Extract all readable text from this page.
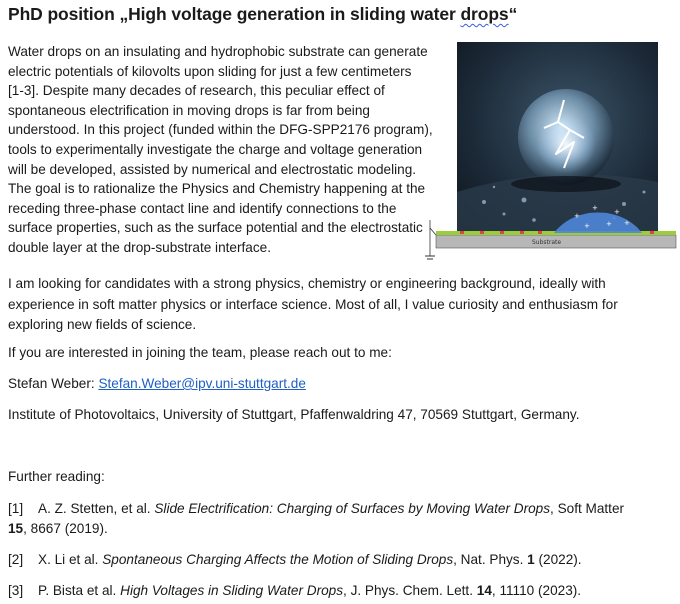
PhD position „High voltage generation in sliding water drops“
Water drops on an insulating and hydrophobic substrate can generate
electric potentials of kilovolts upon sliding for just a few centimeters
[1-3]. Despite many decades of research, this peculiar effect of
spontaneous electrification in moving drops is far from being
understood. In this project (funded within the DFG-SPP2176 program),
tools to experimentally investigate the charge and voltage generation
will be developed, assisted by numerical and electrostatic modeling.
The goal is to rationalize the Physics and Chemistry happening at the
receding three-phase contact line and identify connections to the
surface properties, such as the surface potential and the electrostatic
double layer at the drop-substrate interface.
+
+ +
+ + +
Substrate
I am looking for candidates with a strong physics, chemistry or engineering background, ideally with
experience in soft matter physics or interface science. Most of all, I value curiosity and enthusiasm for
exploring new fields of science.
If you are interested in joining the team, please reach out to me:
Stefan Weber: Stefan.Weber@ipv.uni-stuttgart.de
Institute of Photovoltaics, University of Stuttgart, Pfaffenwaldring 47, 70569 Stuttgart, Germany.
Further reading:
[1] A. Z. Stetten, et al. Slide Electrification: Charging of Surfaces by Moving Water Drops, Soft Matter
15, 8667 (2019).
[2] X. Li et al. Spontaneous Charging Affects the Motion of Sliding Drops, Nat. Phys. 1 (2022).
[3] P. Bista et al. High Voltages in Sliding Water Drops, J. Phys. Chem. Lett. 14, 11110 (2023).
